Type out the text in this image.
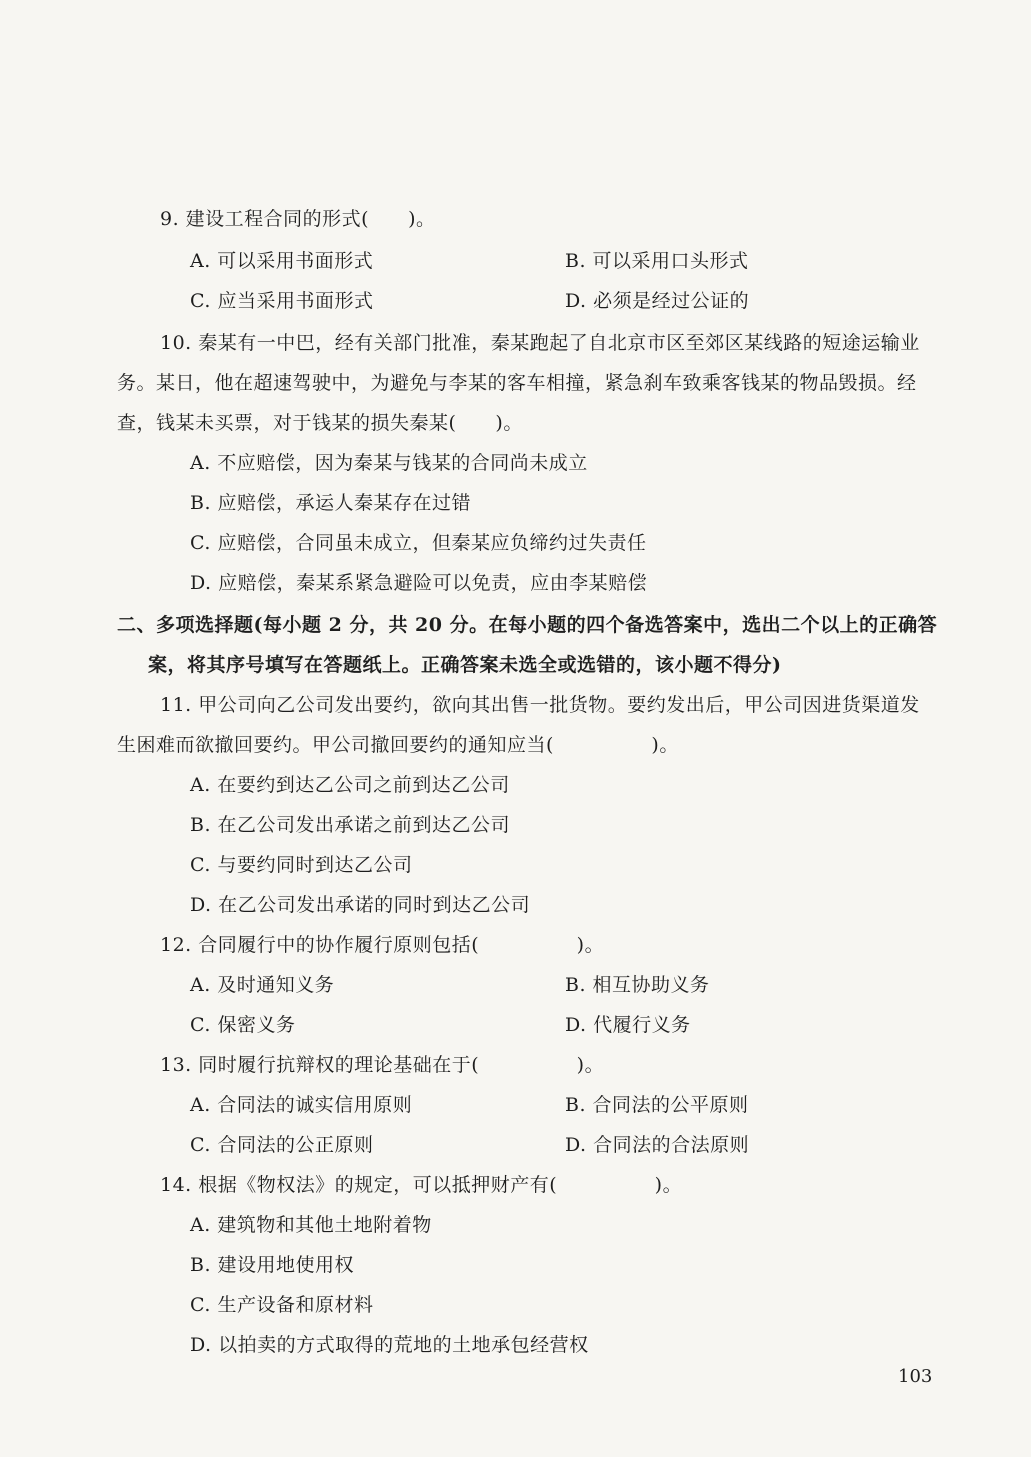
9. 建设工程合同的形式(　　)。
A. 可以采用书面形式	B. 可以采用口头形式
C. 应当采用书面形式	D. 必须是经过公证的
10. 秦某有一中巴，经有关部门批准，秦某跑起了自北京市区至郊区某线路的短途运输业
务。某日，他在超速驾驶中，为避免与李某的客车相撞，紧急刹车致乘客钱某的物品毁损。经
查，钱某未买票，对于钱某的损失秦某(　　)。
A. 不应赔偿，因为秦某与钱某的合同尚未成立
B. 应赔偿，承运人秦某存在过错
C. 应赔偿，合同虽未成立，但秦某应负缔约过失责任
D. 应赔偿，秦某系紧急避险可以免责，应由李某赔偿
二、多项选择题(每小题 2 分，共 20 分。在每小题的四个备选答案中，选出二个以上的正确答
案，将其序号填写在答题纸上。正确答案未选全或选错的，该小题不得分)
11. 甲公司向乙公司发出要约，欲向其出售一批货物。要约发出后，甲公司因进货渠道发
生困难而欲撤回要约。甲公司撤回要约的通知应当(　　　　　)。
A. 在要约到达乙公司之前到达乙公司
B. 在乙公司发出承诺之前到达乙公司
C. 与要约同时到达乙公司
D. 在乙公司发出承诺的同时到达乙公司
12. 合同履行中的协作履行原则包括(　　　　　)。
A. 及时通知义务	B. 相互协助义务
C. 保密义务	D. 代履行义务
13. 同时履行抗辩权的理论基础在于(　　　　　)。
A. 合同法的诚实信用原则	B. 合同法的公平原则
C. 合同法的公正原则	D. 合同法的合法原则
14. 根据《物权法》的规定，可以抵押财产有(　　　　　)。
A. 建筑物和其他土地附着物
B. 建设用地使用权
C. 生产设备和原材料
D. 以拍卖的方式取得的荒地的土地承包经营权
103
